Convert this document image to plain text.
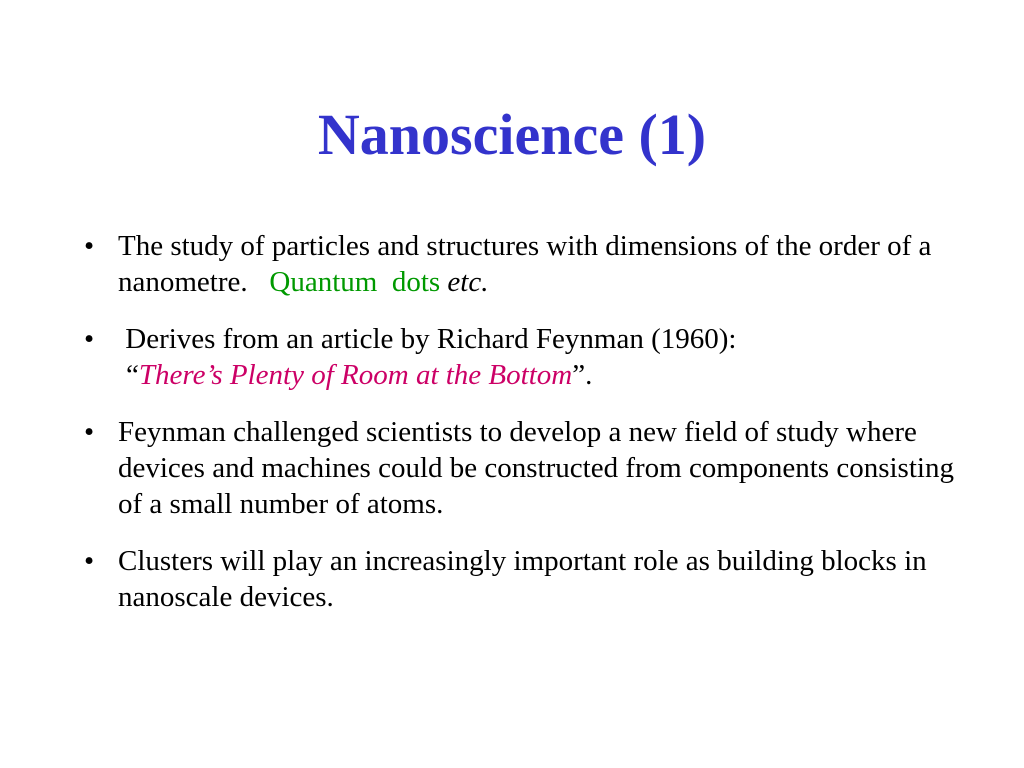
Nanoscience (1)
• The study of particles and structures with dimensions of the order of a nanometre. Quantum dots etc.
• Derives from an article by Richard Feynman (1960):
“There’s Plenty of Room at the Bottom”.
• Feynman challenged scientists to develop a new field of study where devices and machines could be constructed from components consisting of a small number of atoms.
• Clusters will play an increasingly important role as building blocks in nanoscale devices.
